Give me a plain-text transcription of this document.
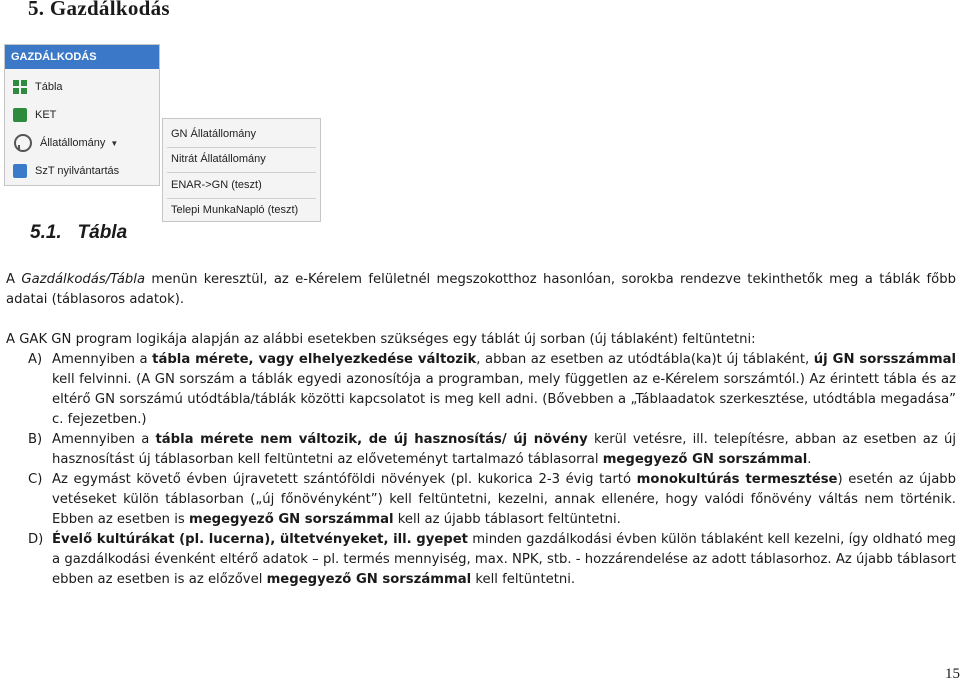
5. Gazdálkodás
GAZDÁLKODÁS
Tábla
KET
Állatállomány ▼
SzT nyilvántartás
GN Állatállomány
Nitrát Állatállomány
ENAR->GN (teszt)
Telepi MunkaNapló (teszt)
5.1.   Tábla
A Gazdálkodás/Tábla menün keresztül, az e-Kérelem felületnél megszokotthoz hasonlóan, sorokba rendezve tekinthetők meg a táblák főbb adatai (táblasoros adatok).
A GAK GN program logikája alapján az alábbi esetekben szükséges egy táblát új sorban (új táblaként) feltüntetni:
A) Amennyiben a tábla mérete, vagy elhelyezkedése változik, abban az esetben az utódtábla(ka)t új táblaként, új GN sorsszámmal kell felvinni. (A GN sorszám a táblák egyedi azonosítója a programban, mely független az e-Kérelem sorszámtól.) Az érintett tábla és az eltérő GN sorszámú utódtábla/táblák közötti kapcsolatot is meg kell adni. (Bővebben a „Táblaadatok szerkesztése, utódtábla megadása” c. fejezetben.)
B) Amennyiben a tábla mérete nem változik, de új hasznosítás/ új növény kerül vetésre, ill. telepítésre, abban az esetben az új hasznosítást új táblasorban kell feltüntetni az előveteményt tartalmazó táblasorral megegyező GN sorszámmal.
C) Az egymást követő évben újravetett szántóföldi növények (pl. kukorica 2-3 évig tartó monokultúrás termesztése) esetén az újabb vetéseket külön táblasorban („új főnövényként”) kell feltüntetni, kezelni, annak ellenére, hogy valódi főnövény váltás nem történik. Ebben az esetben is megegyező GN sorszámmal kell az újabb táblasort feltüntetni.
D) Évelő kultúrákat (pl. lucerna), ültetvényeket, ill. gyepet minden gazdálkodási évben külön táblaként kell kezelni, így oldható meg a gazdálkodási évenként eltérő adatok – pl. termés mennyiség, max. NPK, stb. - hozzárendelése az adott táblasorhoz. Az újabb táblasort ebben az esetben is az előzővel megegyező GN sorszámmal kell feltüntetni.
15
